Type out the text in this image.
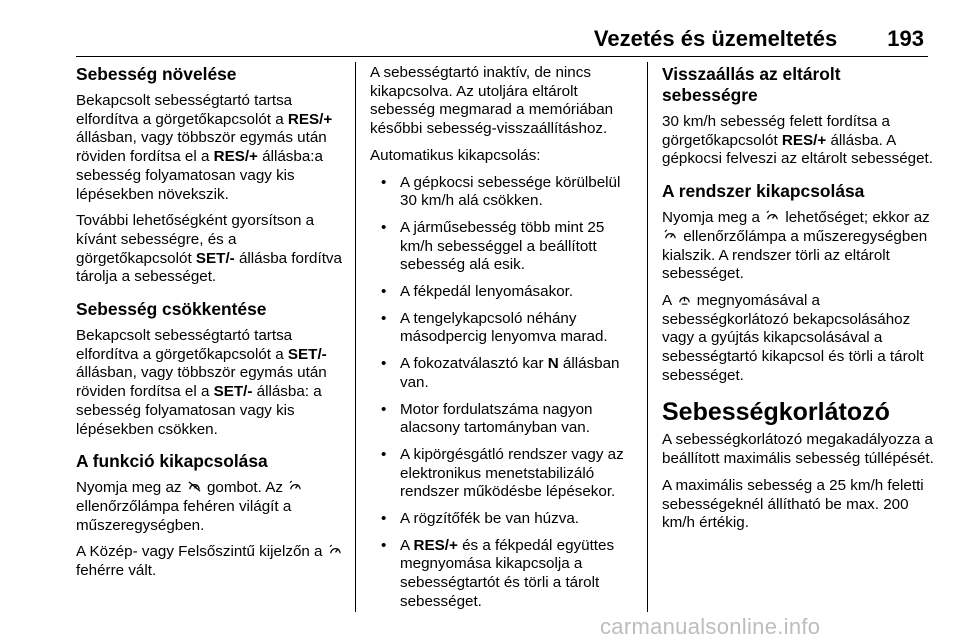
Vezetés és üzemeltetés 193
Sebesség növelése

Bekapcsolt sebességtartó tartsa elfordítva a görgetőkapcsolót a RES/+ állásban, vagy többször egymás után röviden fordítsa el a RES/+ állásba:a sebesség folyamatosan vagy kis lépésekben növekszik.

További lehetőségként gyorsítson a kívánt sebességre, és a görgetőkapcsolót SET/- állásba fordítva tárolja a sebességet.

Sebesség csökkentése

Bekapcsolt sebességtartó tartsa elfordítva a görgetőkapcsolót a SET/- állásban, vagy többször egymás után röviden fordítsa el a SET/- állásba: a sebesség folyamatosan vagy kis lépésekben csökken.

A funkció kikapcsolása

Nyomja meg az  gombot. Az  ellenőrzőlámpa fehéren világít a műszeregységben.

A Közép- vagy Felsőszintű kijelzőn a  fehérre vált.

A sebességtartó inaktív, de nincs kikapcsolva. Az utoljára eltárolt sebesség megmarad a memóriában későbbi sebesség-visszaállításhoz.

Automatikus kikapcsolás:

• A gépkocsi sebessége körülbelül 30 km/h alá csökken.
• A járműsebesség több mint 25 km/h sebességgel a beállított sebesség alá esik.
• A fékpedál lenyomásakor.
• A tengelykapcsoló néhány másodpercig lenyomva marad.
• A fokozatválasztó kar N állásban van.
• Motor fordulatszáma nagyon alacsony tartományban van.
• A kipörgésgátló rendszer vagy az elektronikus menetstabilizáló rendszer működésbe lépésekor.
• A rögzítőfék be van húzva.
• A RES/+ és a fékpedál együttes megnyomása kikapcsolja a sebességtartót és törli a tárolt sebességet.
Visszaállás az eltárolt sebességre

30 km/h sebesség felett fordítsa a görgetőkapcsolót RES/+ állásba. A gépkocsi felveszi az eltárolt sebességet.

A rendszer kikapcsolása

Nyomja meg a  lehetőséget; ekkor az  ellenőrzőlámpa a műszeregységben kialszik. A rendszer törli az eltárolt sebességet.

A  megnyomásával a sebességkorlátozó bekapcsolásához vagy a gyújtás kikapcsolásával a sebességtartó kikapcsol és törli a tárolt sebességet.

Sebességkorlátozó

A sebességkorlátozó megakadályozza a beállított maximális sebesség túllépését.

A maximális sebesség a 25 km/h feletti sebességeknél állítható be max. 200 km/h értékig.

carmanualsonline.info
